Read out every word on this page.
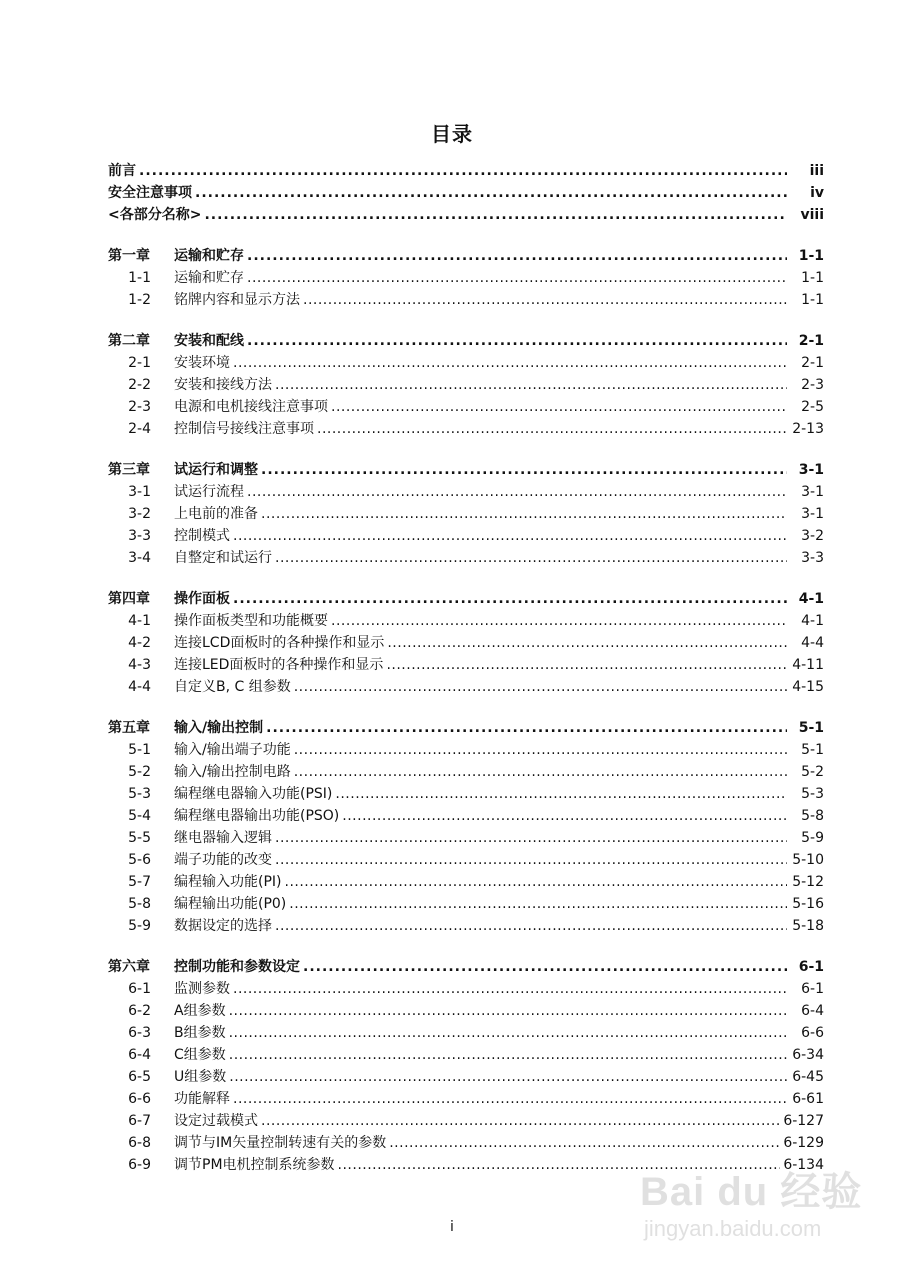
目录
前言 .....	iii
安全注意事项 .....	iv
<各部分名称> .....	viii
第一章	运输和贮存 .....	1-1
1-1	运输和贮存 .....	1-1
1-2	铭牌内容和显示方法 .....	1-1
第二章	安装和配线 .....	2-1
2-1	安装环境 .....	2-1
2-2	安装和接线方法 .....	2-3
2-3	电源和电机接线注意事项 .....	2-5
2-4	控制信号接线注意事项 .....	2-13
第三章	试运行和调整 .....	3-1
3-1	试运行流程 .....	3-1
3-2	上电前的准备 .....	3-1
3-3	控制模式 .....	3-2
3-4	自整定和试运行 .....	3-3
第四章	操作面板 .....	4-1
4-1	操作面板类型和功能概要 .....	4-1
4-2	连接LCD面板时的各种操作和显示 .....	4-4
4-3	连接LED面板时的各种操作和显示 .....	4-11
4-4	自定义B, C 组参数 .....	4-15
第五章	输入/输出控制 .....	5-1
5-1	输入/输出端子功能 .....	5-1
5-2	输入/输出控制电路 .....	5-2
5-3	编程继电器输入功能(PSI) .....	5-3
5-4	编程继电器输出功能(PSO) .....	5-8
5-5	继电器输入逻辑 .....	5-9
5-6	端子功能的改变 .....	5-10
5-7	编程输入功能(PI) .....	5-12
5-8	编程输出功能(P0) .....	5-16
5-9	数据设定的选择 .....	5-18
第六章	控制功能和参数设定 .....	6-1
6-1	监测参数 .....	6-1
6-2	A组参数 .....	6-4
6-3	B组参数 .....	6-6
6-4	C组参数 .....	6-34
6-5	U组参数 .....	6-45
6-6	功能解释 .....	6-61
6-7	设定过载模式 .....	6-127
6-8	调节与IM矢量控制转速有关的参数 .....	6-129
6-9	调节PM电机控制系统参数 .....	6-134
i
Bai du 经验
jingyan.baidu.com
